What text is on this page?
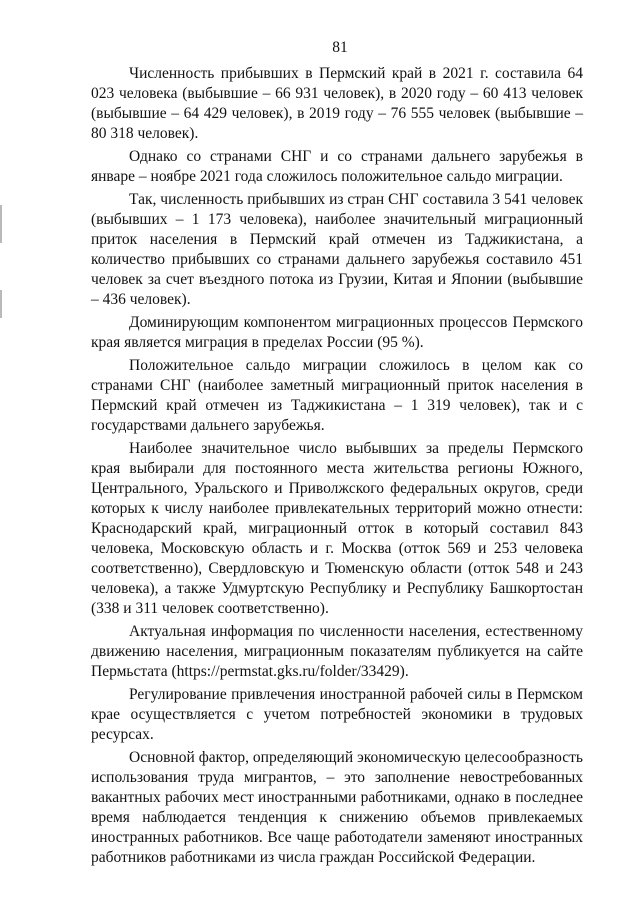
81

Численность прибывших в Пермский край в 2021 г. составила 64 023 человека (выбывшие – 66 931 человек), в 2020 году – 60 413 человек (выбывшие – 64 429 человек), в 2019 году – 76 555 человек (выбывшие – 80 318 человек).

Однако со странами СНГ и со странами дальнего зарубежья в январе – ноябре 2021 года сложилось положительное сальдо миграции.

Так, численность прибывших из стран СНГ составила 3 541 человек (выбывших – 1 173 человека), наиболее значительный миграционный приток населения в Пермский край отмечен из Таджикистана, а количество прибывших со странами дальнего зарубежья составило 451 человек за счет въездного потока из Грузии, Китая и Японии (выбывшие – 436 человек).

Доминирующим компонентом миграционных процессов Пермского края является миграция в пределах России (95 %).

Положительное сальдо миграции сложилось в целом как со странами СНГ (наиболее заметный миграционный приток населения в Пермский край отмечен из Таджикистана – 1 319 человек), так и с государствами дальнего зарубежья.

Наиболее значительное число выбывших за пределы Пермского края выбирали для постоянного места жительства регионы Южного, Центрального, Уральского и Приволжского федеральных округов, среди которых к числу наиболее привлекательных территорий можно отнести: Краснодарский край, миграционный отток в который составил 843 человека, Московскую область и г. Москва (отток 569 и 253 человека соответственно), Свердловскую и Тюменскую области (отток 548 и 243 человека), а также Удмуртскую Республику и Республику Башкортостан (338 и 311 человек соответственно).

Актуальная информация по численности населения, естественному движению населения, миграционным показателям публикуется на сайте Пермьстата (https://permstat.gks.ru/folder/33429).

Регулирование привлечения иностранной рабочей силы в Пермском крае осуществляется с учетом потребностей экономики в трудовых ресурсах.

Основной фактор, определяющий экономическую целесообразность использования труда мигрантов, – это заполнение невостребованных вакантных рабочих мест иностранными работниками, однако в последнее время наблюдается тенденция к снижению объемов привлекаемых иностранных работников. Все чаще работодатели заменяют иностранных работников работниками из числа граждан Российской Федерации.
